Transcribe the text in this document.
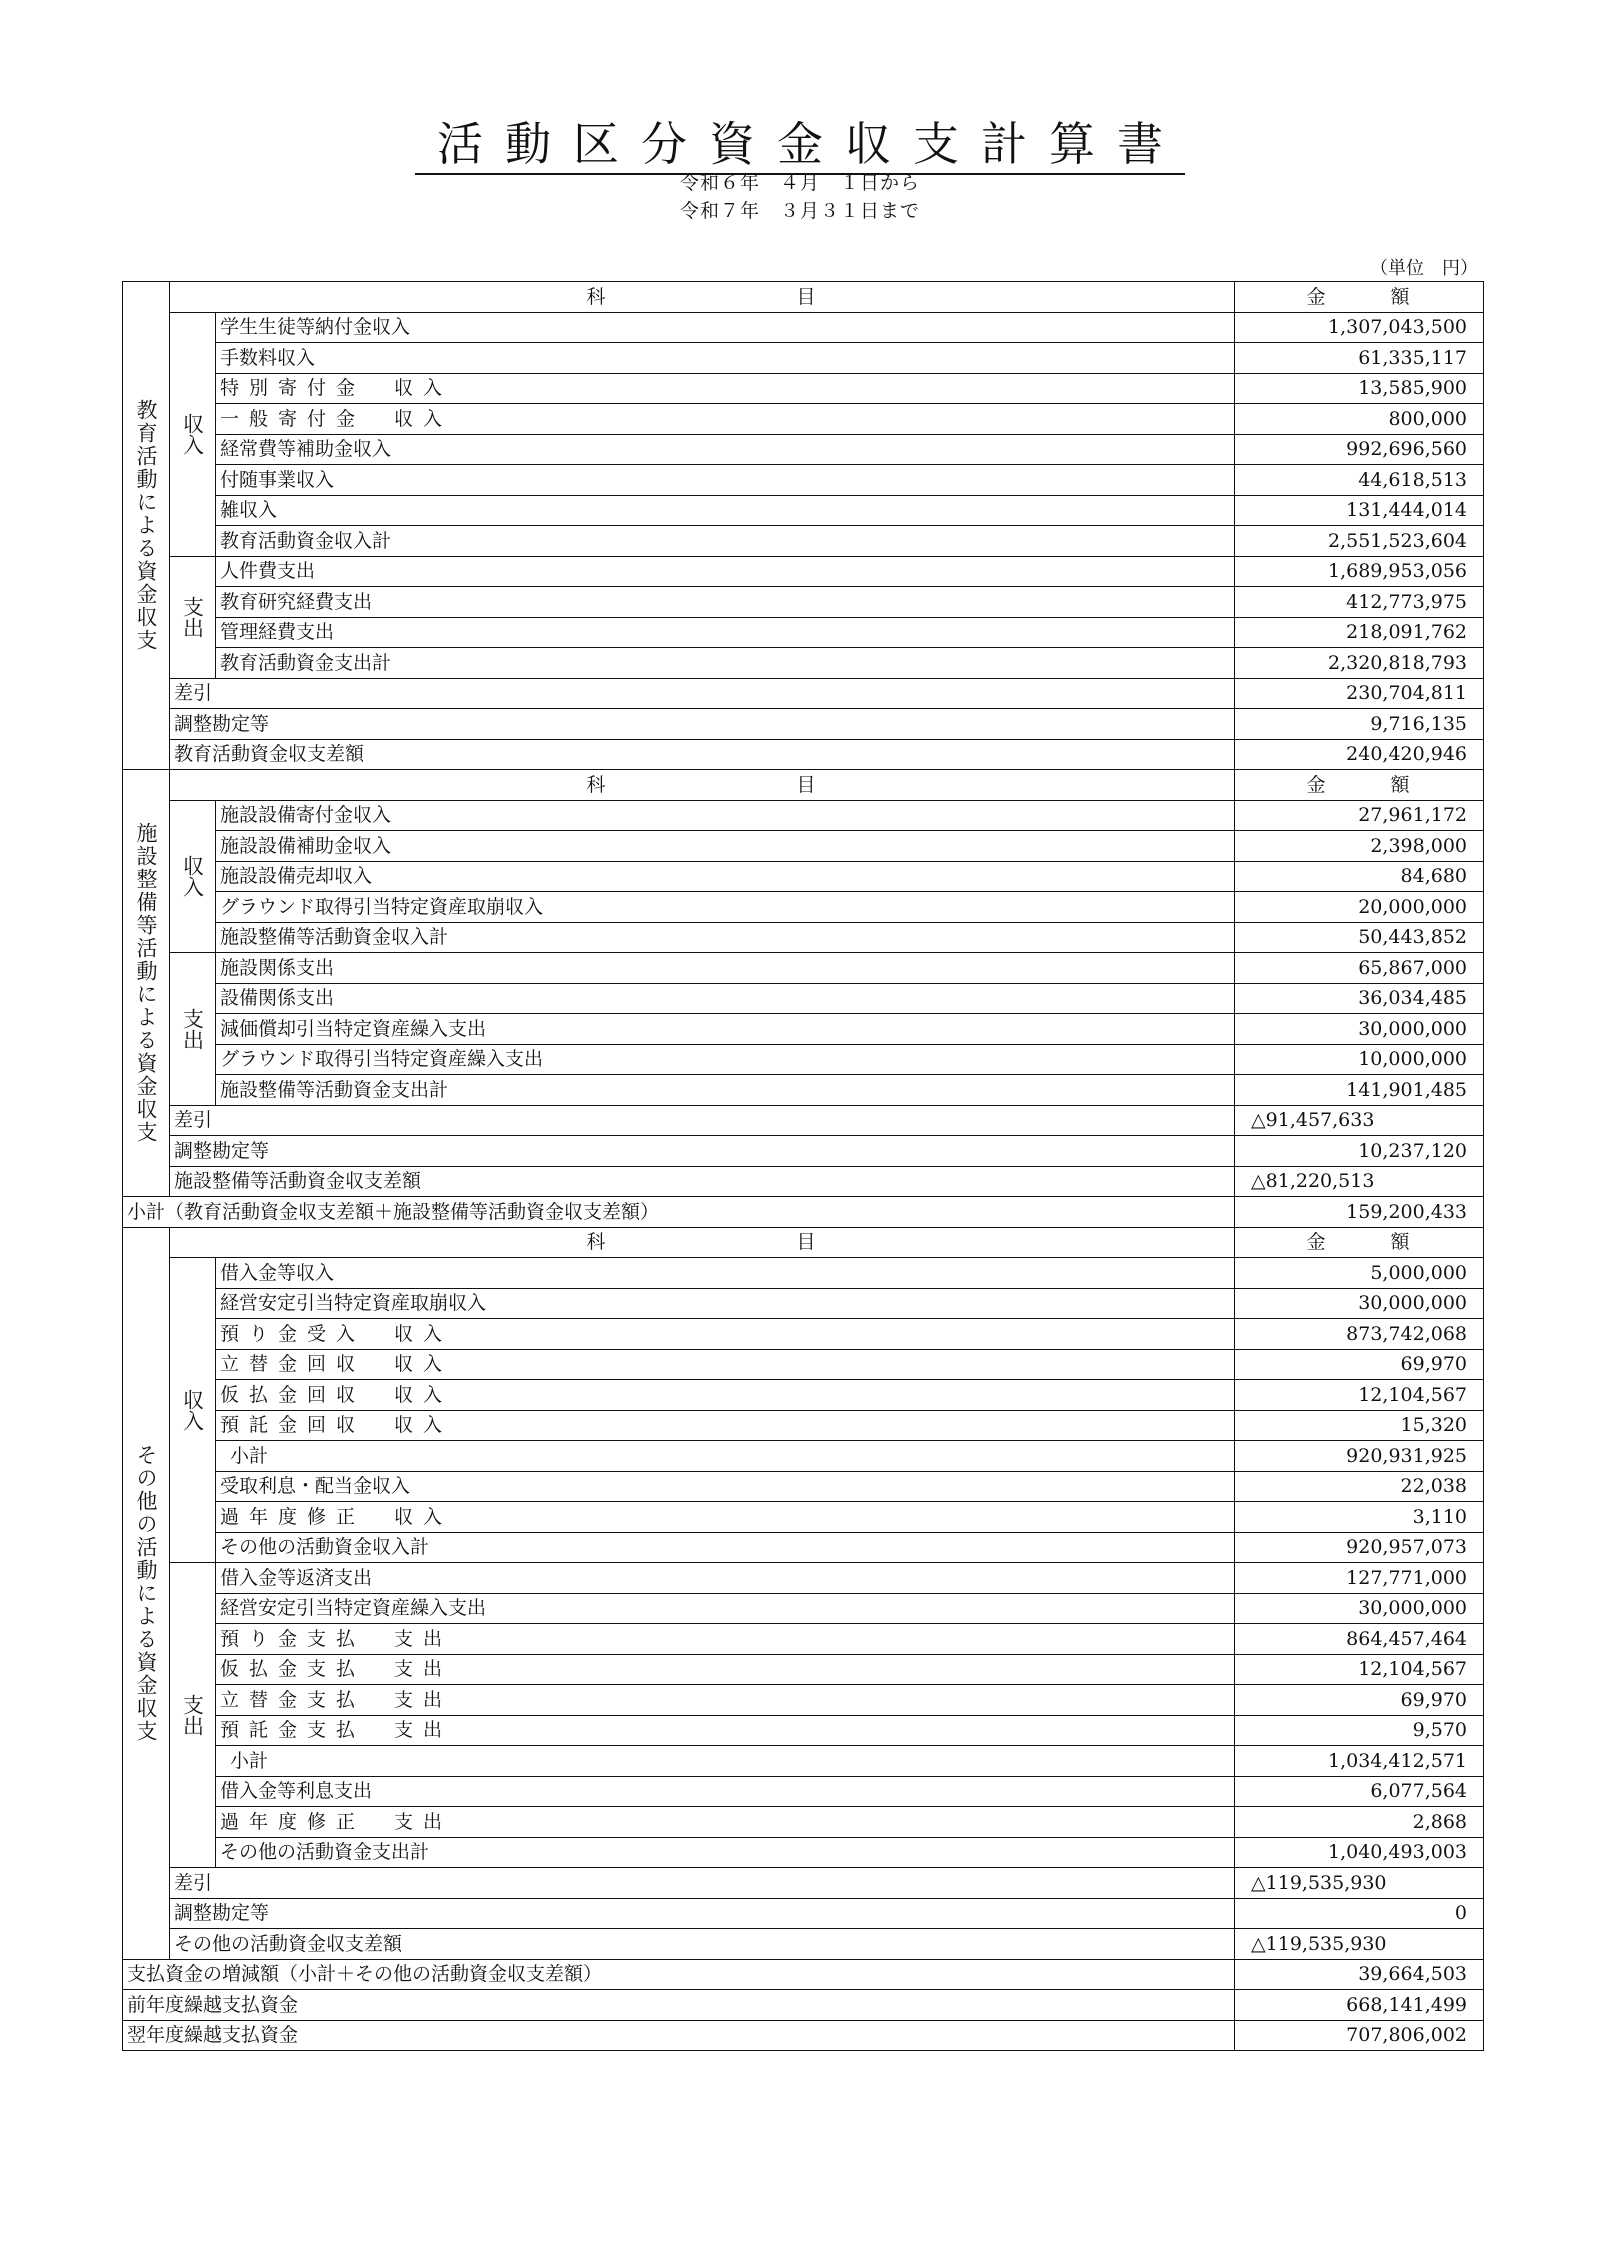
活動区分資金収支計算書
令和６年　４月　１日から
令和７年　３月３１日まで
（単位　円）
教育活動による資金収支	科　　　　　　　　　目		金　　　額
	収入	学生生徒等納付金収入	1,307,043,500
		手数料収入	61,335,117
		特別寄付金　収入	13,585,900
		一般寄付金　収入	800,000
		経常費等補助金収入	992,696,560
		付随事業収入	44,618,513
		雑収入	131,444,014
		教育活動資金収入計	2,551,523,604
	支出	人件費支出	1,689,953,056
		教育研究経費支出	412,773,975
		管理経費支出	218,091,762
		教育活動資金支出計	2,320,818,793
	差引		230,704,811
	調整勘定等		9,716,135
	教育活動資金収支差額		240,420,946
施設整備等活動による資金収支	科　　　　　　　　　目		金　　　額
	収入	施設設備寄付金収入	27,961,172
		施設設備補助金収入	2,398,000
		施設設備売却収入	84,680
		グラウンド取得引当特定資産取崩収入	20,000,000
		施設整備等活動資金収入計	50,443,852
	支出	施設関係支出	65,867,000
		設備関係支出	36,034,485
		減価償却引当特定資産繰入支出	30,000,000
		グラウンド取得引当特定資産繰入支出	10,000,000
		施設整備等活動資金支出計	141,901,485
	差引		△ 91,457,633
	調整勘定等		10,237,120
	施設整備等活動資金収支差額		△ 81,220,513
小計（教育活動資金収支差額＋施設整備等活動資金収支差額）			159,200,433
その他の活動による資金収支	科　　　　　　　　　目		金　　　額
	収入	借入金等収入	5,000,000
		経営安定引当特定資産取崩収入	30,000,000
		預り金受入　収入	873,742,068
		立替金回収　収入	69,970
		仮払金回収　収入	12,104,567
		預託金回収　収入	15,320
		小計	920,931,925
		受取利息・配当金収入	22,038
		過年度修正　収入	3,110
		その他の活動資金収入計	920,957,073
	支出	借入金等返済支出	127,771,000
		経営安定引当特定資産繰入支出	30,000,000
		預り金支払　支出	864,457,464
		仮払金支払　支出	12,104,567
		立替金支払　支出	69,970
		預託金支払　支出	9,570
		小計	1,034,412,571
		借入金等利息支出	6,077,564
		過年度修正　支出	2,868
		その他の活動資金支出計	1,040,493,003
	差引		△ 119,535,930
	調整勘定等		0
	その他の活動資金収支差額		△ 119,535,930
支払資金の増減額（小計＋その他の活動資金収支差額）			39,664,503
前年度繰越支払資金			668,141,499
翌年度繰越支払資金			707,806,002
